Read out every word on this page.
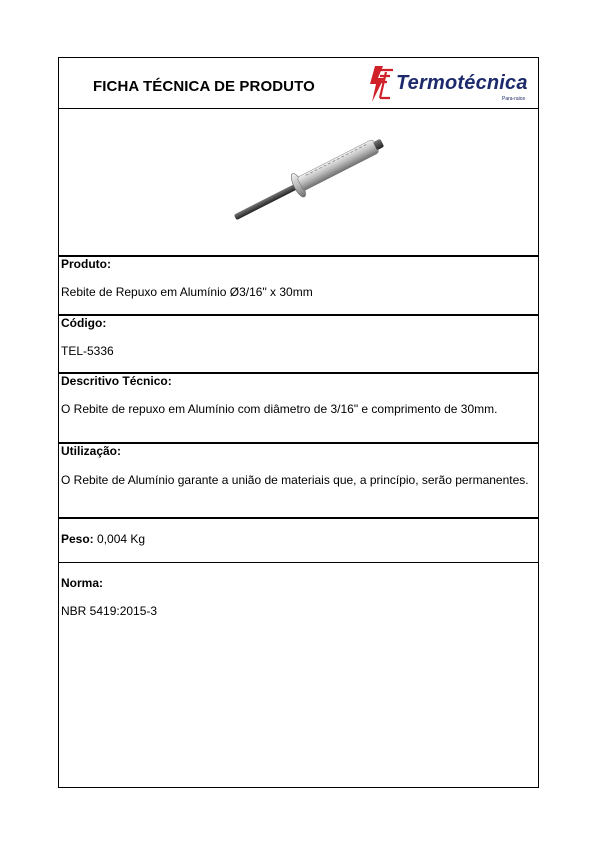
FICHA TÉCNICA DE PRODUTO	Termotécnica
Para-raios
Produto:
Rebite de Repuxo em Alumínio Ø3/16" x 30mm
Código:
TEL-5336
Descritivo Técnico:
O Rebite de repuxo em Alumínio com diâmetro de 3/16" e comprimento de 30mm.
Utilização:
O Rebite de Alumínio garante a união de materiais que, a princípio, serão permanentes.
Peso: 0,004 Kg
Norma:
NBR 5419:2015-3
